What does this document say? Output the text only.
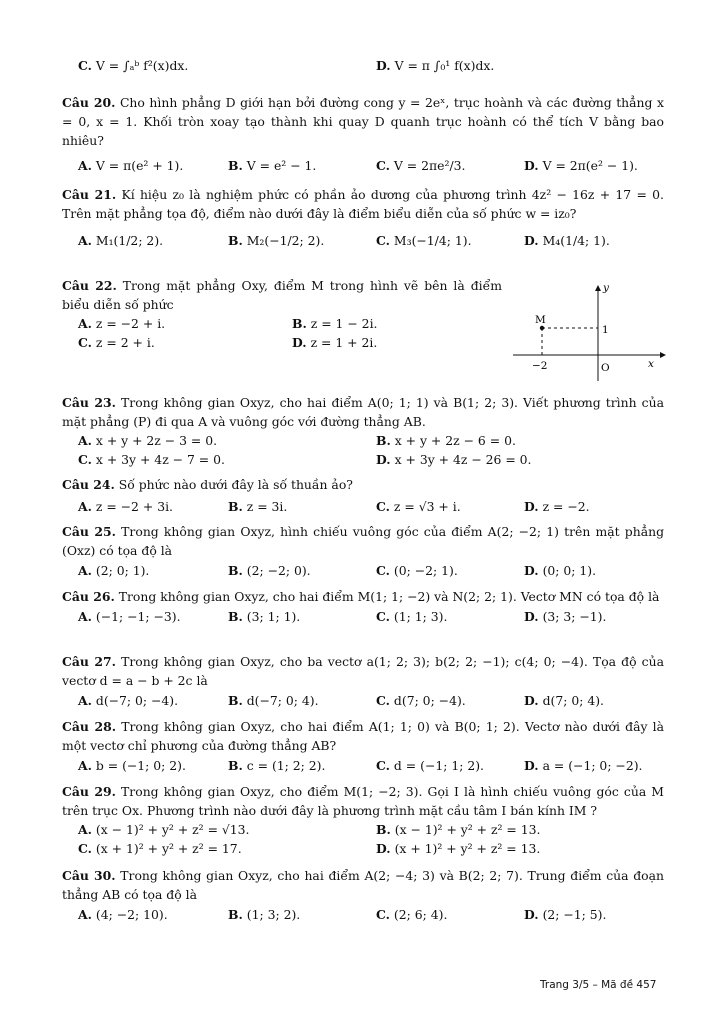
C. V = ∫ₐᵇ f²(x)dx.	D. V = π ∫₀¹ f(x)dx.
Câu 20. Cho hình phẳng D giới hạn bởi đường cong y = 2eˣ, trục hoành và các đường thẳng x = 0, x = 1. Khối tròn xoay tạo thành khi quay D quanh trục hoành có thể tích V bằng bao nhiêu?
A. V = π(e² + 1).	B. V = e² − 1.	C. V = 2πe²/3.	D. V = 2π(e² − 1).
Câu 21. Kí hiệu z₀ là nghiệm phức có phần ảo dương của phương trình 4z² − 16z + 17 = 0. Trên mặt phẳng tọa độ, điểm nào dưới đây là điểm biểu diễn của số phức w = iz₀?
A. M₁(1/2; 2).	B. M₂(−1/2; 2).	C. M₃(−1/4; 1).	D. M₄(1/4; 1).
Câu 22. Trong mặt phẳng Oxy, điểm M trong hình vẽ bên là điểm biểu diễn số phức
A. z = −2 + i.	B. z = 1 − 2i.
C. z = 2 + i.	D. z = 1 + 2i.
Câu 23. Trong không gian Oxyz, cho hai điểm A(0; 1; 1) và B(1; 2; 3). Viết phương trình của mặt phẳng (P) đi qua A và vuông góc với đường thẳng AB.
A. x + y + 2z − 3 = 0.	B. x + y + 2z − 6 = 0.
C. x + 3y + 4z − 7 = 0.	D. x + 3y + 4z − 26 = 0.
Câu 24. Số phức nào dưới đây là số thuần ảo?
A. z = −2 + 3i.	B. z = 3i.	C. z = √3 + i.	D. z = −2.
Câu 25. Trong không gian Oxyz, hình chiếu vuông góc của điểm A(2; −2; 1) trên mặt phẳng (Oxz) có tọa độ là
A. (2; 0; 1).	B. (2; −2; 0).	C. (0; −2; 1).	D. (0; 0; 1).
Câu 26. Trong không gian Oxyz, cho hai điểm M(1; 1; −2) và N(2; 2; 1). Vectơ MN có tọa độ là
A. (−1; −1; −3).	B. (3; 1; 1).	C. (1; 1; 3).	D. (3; 3; −1).
Câu 27. Trong không gian Oxyz, cho ba vectơ a(1; 2; 3); b(2; 2; −1); c(4; 0; −4). Tọa độ của vectơ d = a − b + 2c là
A. d(−7; 0; −4).	B. d(−7; 0; 4).	C. d(7; 0; −4).	D. d(7; 0; 4).
Câu 28. Trong không gian Oxyz, cho hai điểm A(1; 1; 0) và B(0; 1; 2). Vectơ nào dưới đây là một vectơ chỉ phương của đường thẳng AB?
A. b = (−1; 0; 2).	B. c = (1; 2; 2).	C. d = (−1; 1; 2).	D. a = (−1; 0; −2).
Câu 29. Trong không gian Oxyz, cho điểm M(1; −2; 3). Gọi I là hình chiếu vuông góc của M trên trục Ox. Phương trình nào dưới đây là phương trình mặt cầu tâm I bán kính IM ?
A. (x − 1)² + y² + z² = √13.	B. (x − 1)² + y² + z² = 13.
C. (x + 1)² + y² + z² = 17.	D. (x + 1)² + y² + z² = 13.
Câu 30. Trong không gian Oxyz, cho hai điểm A(2; −4; 3) và B(2; 2; 7). Trung điểm của đoạn thẳng AB có tọa độ là
A. (4; −2; 10).	B. (1; 3; 2).	C. (2; 6; 4).	D. (2; −1; 5).
M
1
−2	O	x
y
Trang 3/5 – Mã đề 457
